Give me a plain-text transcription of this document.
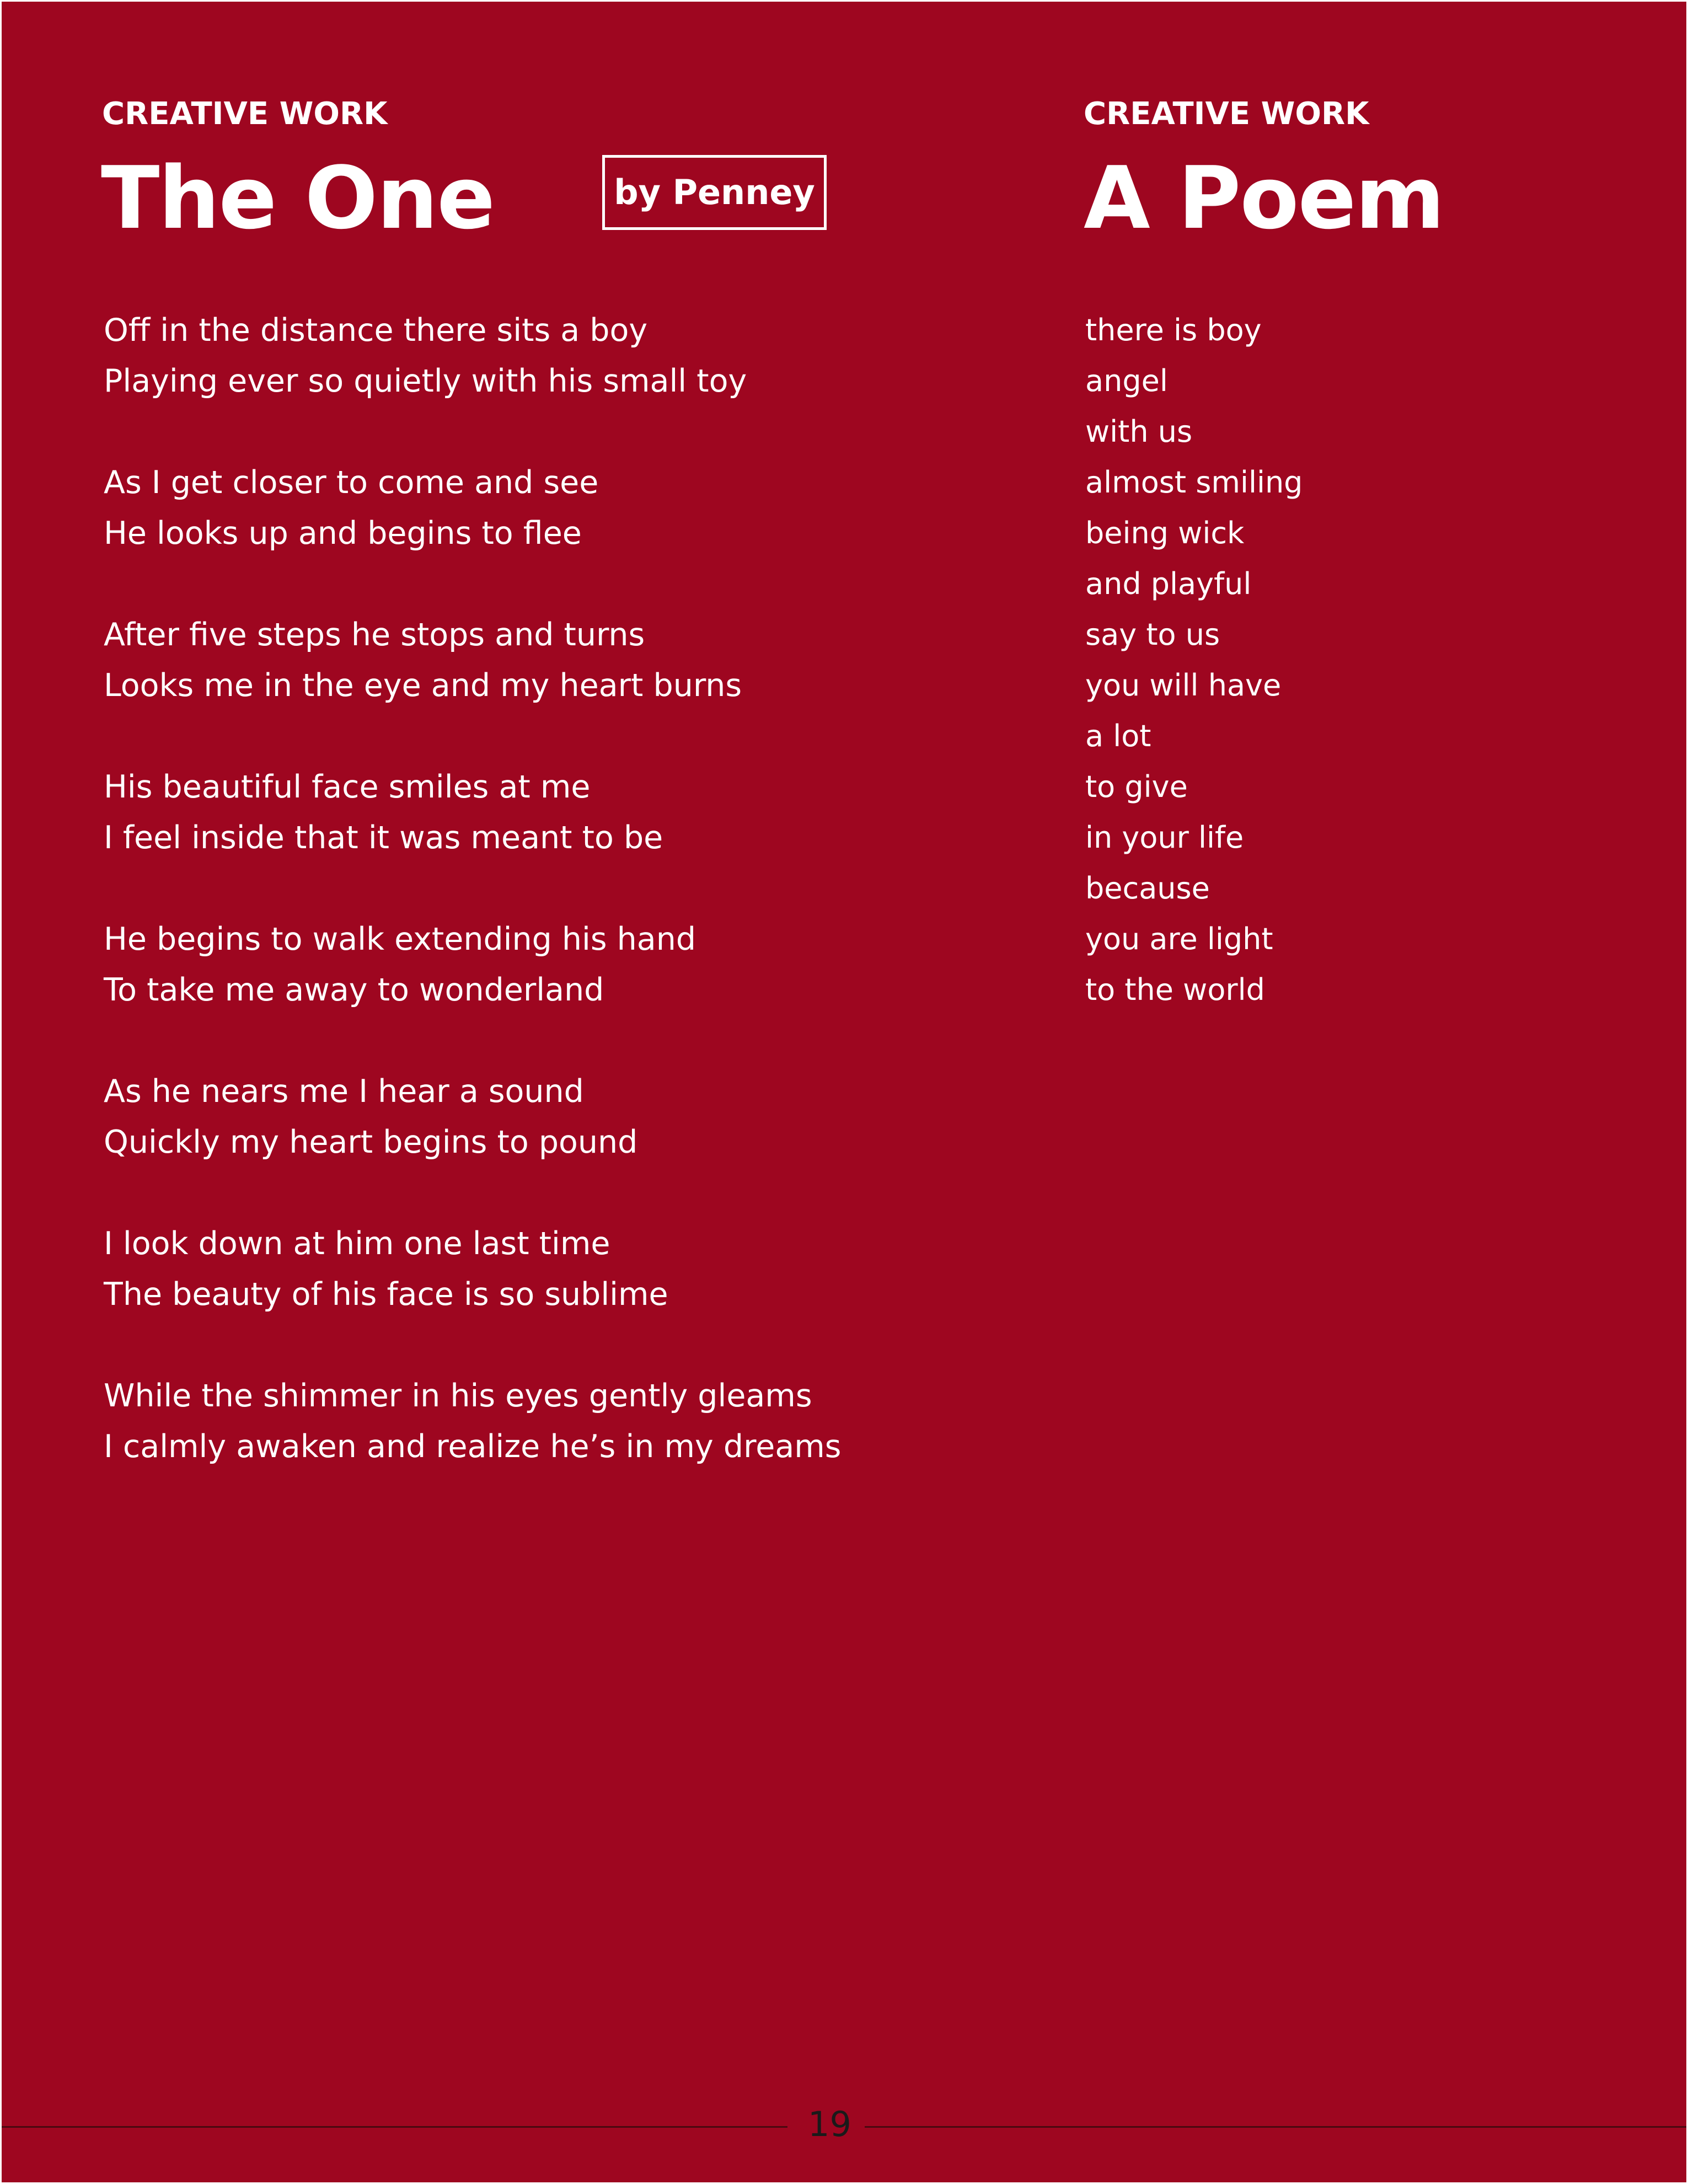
CREATIVE WORK
The One	by Penney
Off in the distance there sits a boy
Playing ever so quietly with his small toy
As I get closer to come and see
He looks up and begins to flee
After five steps he stops and turns
Looks me in the eye and my heart burns
His beautiful face smiles at me
I feel inside that it was meant to be
He begins to walk extending his hand
To take me away to wonderland
As he nears me I hear a sound
Quickly my heart begins to pound
I look down at him one last time
The beauty of his face is so sublime
While the shimmer in his eyes gently gleams
I calmly awaken and realize he’s in my dreams
CREATIVE WORK
A Poem
there is boy
angel
with us
almost smiling
being wick
and playful
say to us
you will have
a lot
to give
in your life
because
you are light
to the world
19
